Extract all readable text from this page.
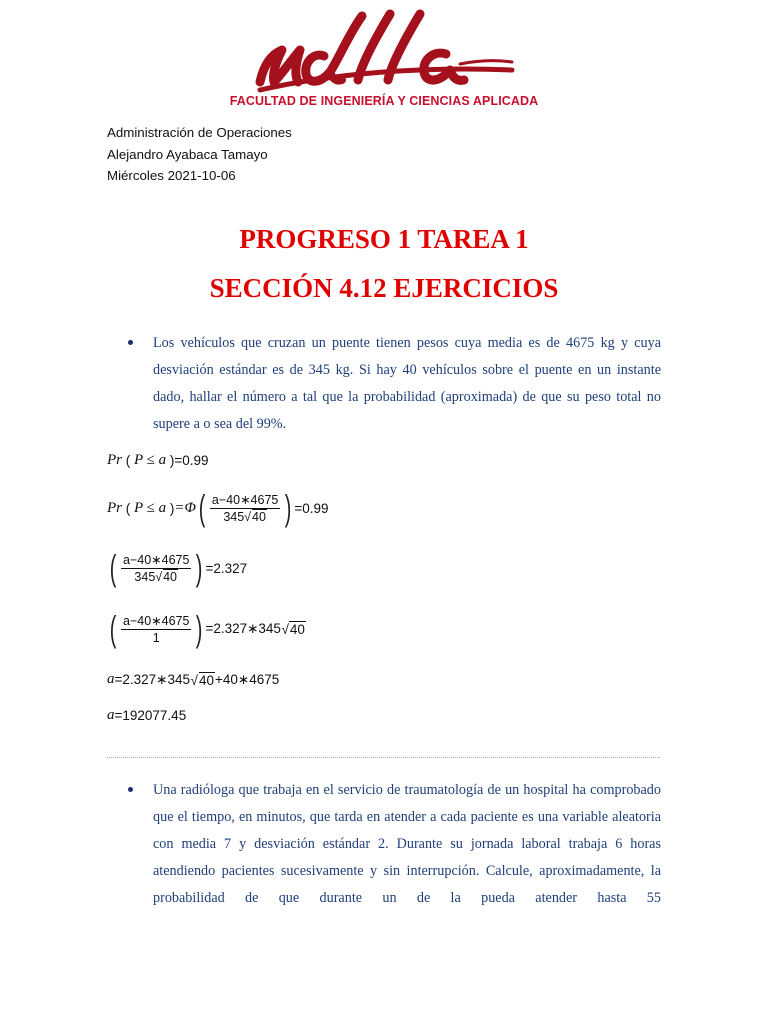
FACULTAD DE INGENIERÍA Y CIENCIAS APLICADA
Administración de Operaciones
Alejandro Ayabaca Tamayo
Miércoles 2021-10-06
PROGRESO 1 TAREA 1
SECCIÓN 4.12 EJERCICIOS
Los vehículos que cruzan un puente tienen pesos cuya media es de 4675 kg y cuya desviación estándar es de 345 kg. Si hay 40 vehículos sobre el puente en un instante dado, hallar el número a tal que la probabilidad (aproximada) de que su peso total no supere a o sea del 99%.
Pr ( P ≤ a ) =0.99
Pr ( P ≤ a ) =Φ ( $\frac{a-40∗4675}{345 √ 40}$ ) =0.99
( $\frac{a-40∗4675}{345 √ 40}$ ) =2.327
( $\frac{a-40∗4675}{1}$ ) =2.327∗345
√ 40
a =2.327∗345
√ 40 +40∗4675
a =192077.45
Una radióloga que trabaja en el servicio de traumatología de un hospital ha comprobado que el tiempo, en minutos, que tarda en atender a cada paciente es una variable aleatoria con media 7 y desviación estándar 2. Durante su jornada laboral trabaja 6 horas atendiendo pacientes sucesivamente y sin interrupción. Calcule, aproximadamente, la probabilidad de que durante un de la pueda atender hasta 55
